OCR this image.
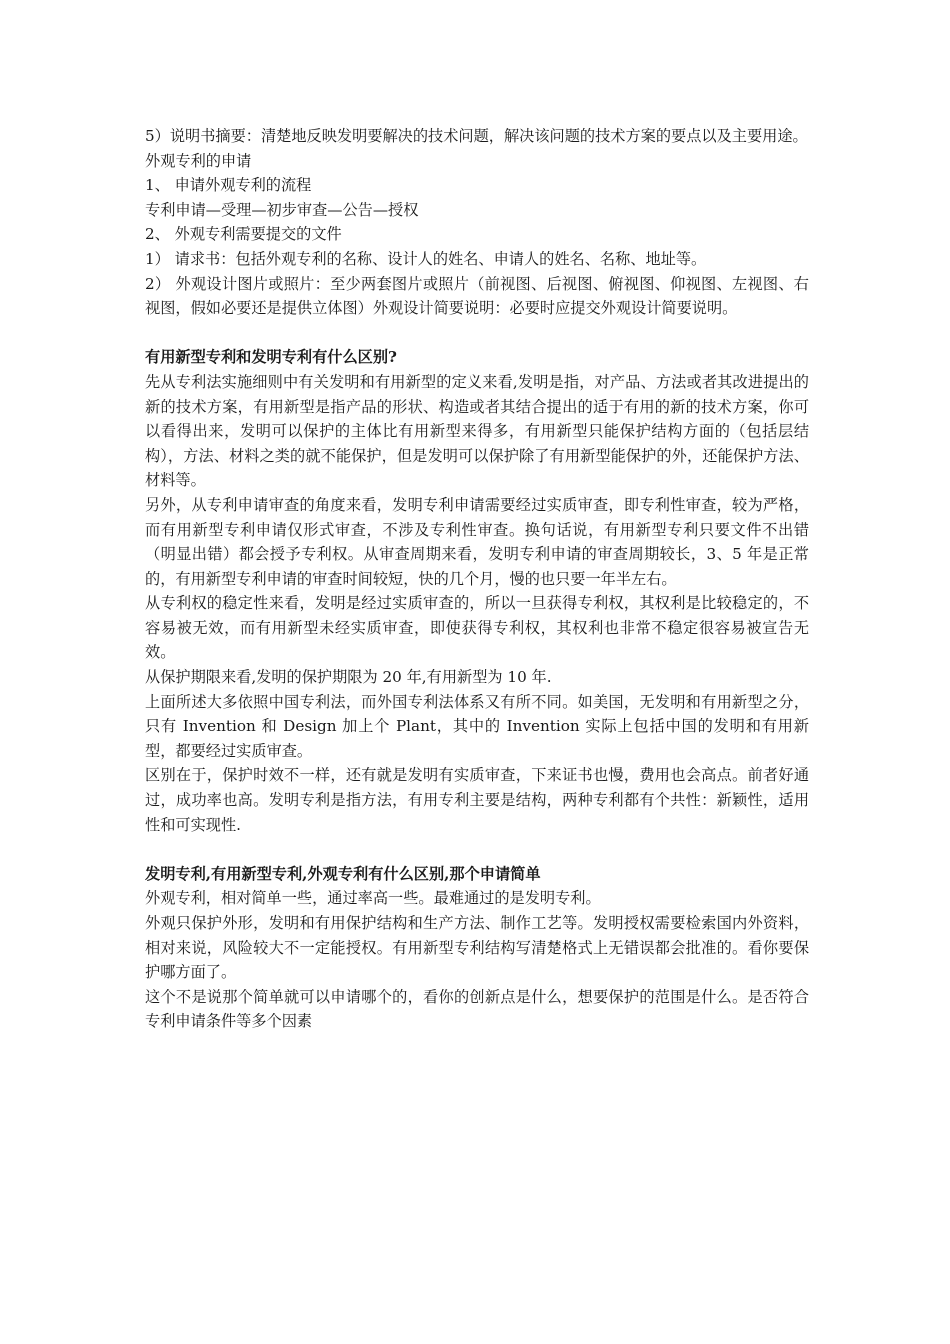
5）说明书摘要：清楚地反映发明要解决的技术问题，解决该问题的技术方案的要点以及主要用途。

外观专利的申请

1、 申请外观专利的流程

专利申请—受理—初步审查—公告—授权

2、 外观专利需要提交的文件

1） 请求书：包括外观专利的名称、设计人的姓名、申请人的姓名、名称、地址等。

2） 外观设计图片或照片：至少两套图片或照片（前视图、后视图、俯视图、仰视图、左视图、右视图，假如必要还是提供立体图）外观设计简要说明：必要时应提交外观设计简要说明。

有用新型专利和发明专利有什么区别?

先从专利法实施细则中有关发明和有用新型的定义来看,发明是指，对产品、方法或者其改进提出的新的技术方案，有用新型是指产品的形状、构造或者其结合提出的适于有用的新的技术方案，你可以看得出来，发明可以保护的主体比有用新型来得多，有用新型只能保护结构方面的（包括层结构），方法、材料之类的就不能保护，但是发明可以保护除了有用新型能保护的外，还能保护方法、材料等。

另外，从专利申请审查的角度来看，发明专利申请需要经过实质审查，即专利性审查，较为严格，而有用新型专利申请仅形式审查，不涉及专利性审查。换句话说，有用新型专利只要文件不出错（明显出错）都会授予专利权。从审查周期来看，发明专利申请的审查周期较长，3、5 年是正常的，有用新型专利申请的审查时间较短，快的几个月，慢的也只要一年半左右。

从专利权的稳定性来看，发明是经过实质审查的，所以一旦获得专利权，其权利是比较稳定的，不容易被无效，而有用新型未经实质审查，即使获得专利权，其权利也非常不稳定很容易被宣告无效。

从保护期限来看,发明的保护期限为 20 年,有用新型为 10 年.

上面所述大多依照中国专利法，而外国专利法体系又有所不同。如美国，无发明和有用新型之分，只有 Invention 和 Design 加上个 Plant，其中的 Invention 实际上包括中国的发明和有用新型，都要经过实质审查。

区别在于，保护时效不一样，还有就是发明有实质审查，下来证书也慢，费用也会高点。前者好通过，成功率也高。发明专利是指方法，有用专利主要是结构，两种专利都有个共性：新颖性，适用性和可实现性.

发明专利,有用新型专利,外观专利有什么区别,那个申请简单

外观专利，相对简单一些，通过率高一些。最难通过的是发明专利。

外观只保护外形，发明和有用保护结构和生产方法、制作工艺等。发明授权需要检索国内外资料，相对来说，风险较大不一定能授权。有用新型专利结构写清楚格式上无错误都会批准的。看你要保护哪方面了。

这个不是说那个简单就可以申请哪个的，看你的创新点是什么，想要保护的范围是什么。是否符合专利申请条件等多个因素
